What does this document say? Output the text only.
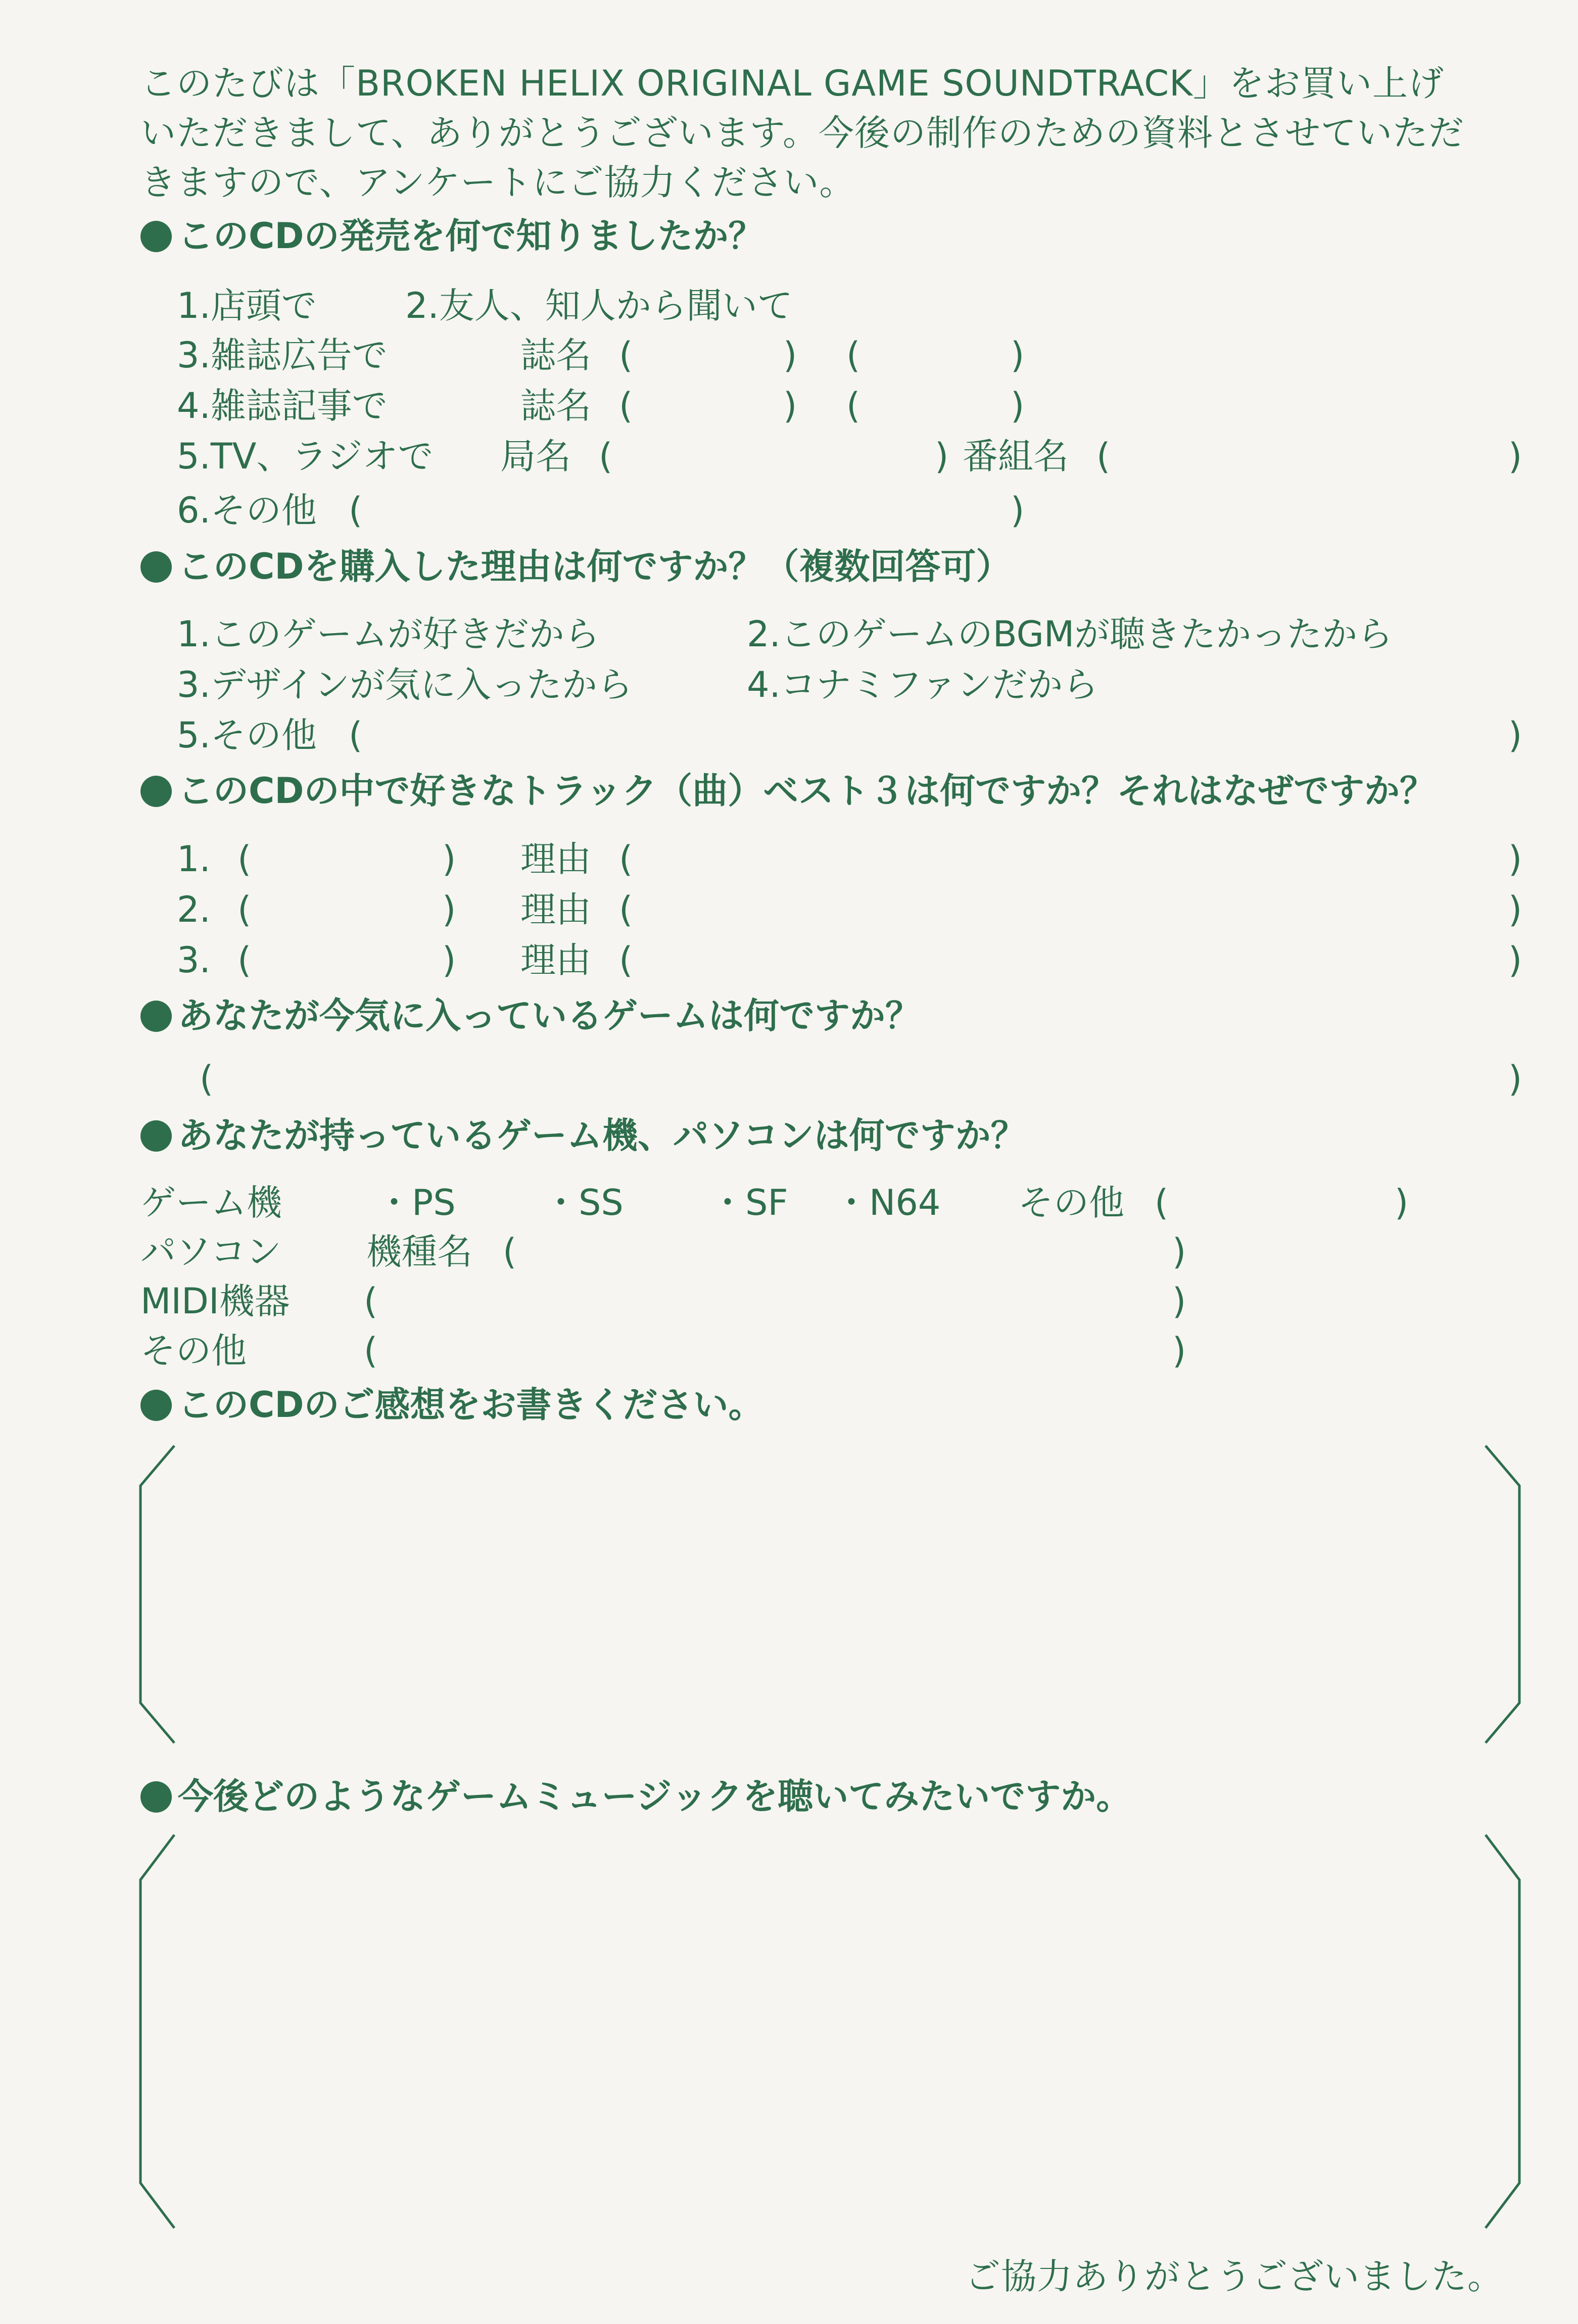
このたびは「BROKEN HELIX ORIGINAL GAME SOUNDTRACK」をお買い上げ
いただきまして、ありがとうございます。今後の制作のための資料とさせていただ
きますので、アンケートにご協力ください。
このCDの発売を何で知りましたか？
1.店頭で	2.友人、知人から聞いて
3.雑誌広告で	誌名 (	) (	)
4.雑誌記事で	誌名 (	) (	)
5.TV、ラジオで 局名 (	) 番組名 (	)
6.その他 (	)
このCDを購入した理由は何ですか？（複数回答可）
1.このゲームが好きだから	2.このゲームのBGMが聴きたかったから
3.デザインが気に入ったから	4.コナミファンだから
5.その他 (	)
このCDの中で好きなトラック（曲）ベスト３は何ですか？それはなぜですか？
1. (	) 理由 (	)
2. (	) 理由 (	)
3. (	) 理由 (	)
あなたが今気に入っているゲームは何ですか？
(	)
あなたが持っているゲーム機、パソコンは何ですか？
ゲーム機	・PS ・SS ・SF ・N64 その他 (	)
パソコン 機種名 (	)
MIDI機器 (	)
その他	(	)
このCDのご感想をお書きください。
今後どのようなゲームミュージックを聴いてみたいですか。
ご協力ありがとうございました。
